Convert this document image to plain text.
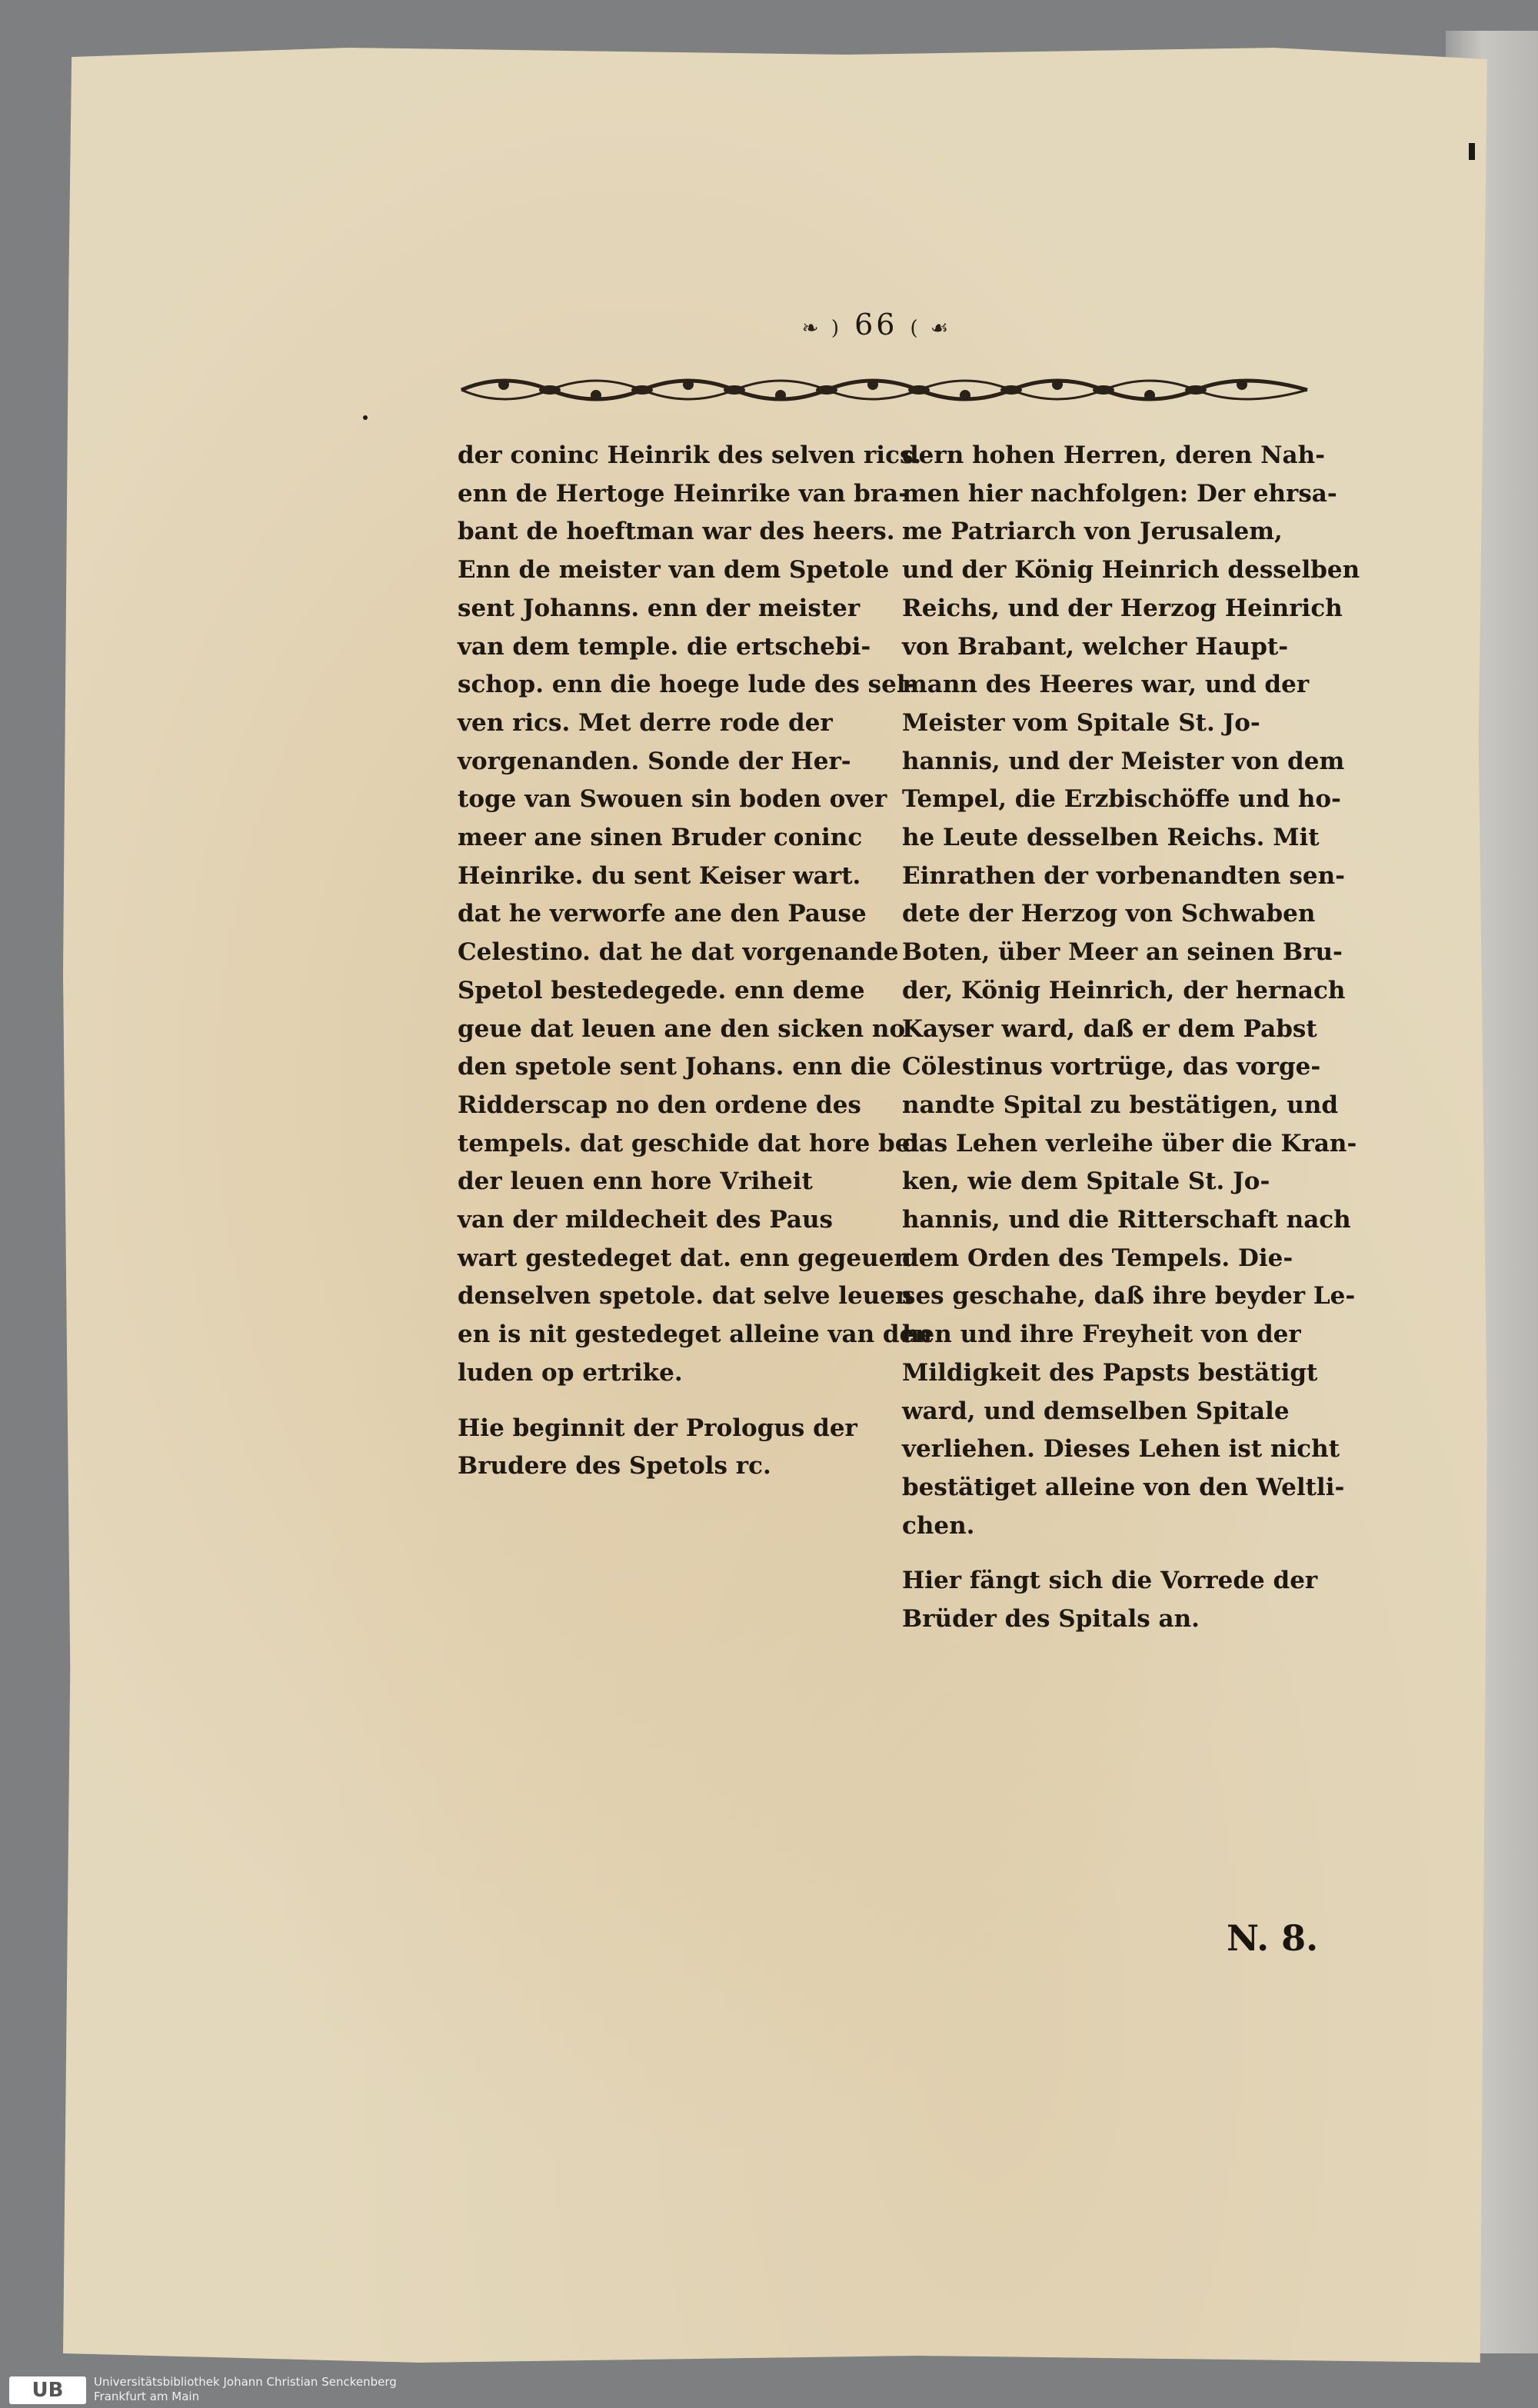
❧ ) 66 ( ☙
der coninc Heinrik des selven rics.
enn de Hertoge Heinrike van bra-
bant de hoeftman war des heers.
Enn de meister van dem Spetole
sent Johanns. enn der meister
van dem temple. die ertschebi-
schop. enn die hoege lude des sel-
ven rics. Met derre rode der
vorgenanden. Sonde der Her-
toge van Swouen sin boden over
meer ane sinen Bruder coninc
Heinrike. du sent Keiser wart.
dat he verworfe ane den Pause
Celestino. dat he dat vorgenande
Spetol bestedegede. enn deme
geue dat leuen ane den sicken no
den spetole sent Johans. enn die
Ridderscap no den ordene des
tempels. dat geschide dat hore bei
der leuen enn hore Vriheit
van der mildecheit des Paus
wart gestedeget dat. enn gegeuen
denselven spetole. dat selve leuen
en is nit gestedeget alleine van den
luden op ertrike.
Hie beginnit der Prologus der
Brudere des Spetols rc.
dern hohen Herren, deren Nah-
men hier nachfolgen: Der ehrsa-
me Patriarch von Jerusalem,
und der König Heinrich desselben
Reichs, und der Herzog Heinrich
von Brabant, welcher Haupt-
mann des Heeres war, und der
Meister vom Spitale St. Jo-
hannis, und der Meister von dem
Tempel, die Erzbischöffe und ho-
he Leute desselben Reichs. Mit
Einrathen der vorbenandten sen-
dete der Herzog von Schwaben
Boten, über Meer an seinen Bru-
der, König Heinrich, der hernach
Kayser ward, daß er dem Pabst
Cölestinus vortrüge, das vorge-
nandte Spital zu bestätigen, und
das Lehen verleihe über die Kran-
ken, wie dem Spitale St. Jo-
hannis, und die Ritterschaft nach
dem Orden des Tempels. Die-
ses geschahe, daß ihre beyder Le-
hen und ihre Freyheit von der
Mildigkeit des Papsts bestätigt
ward, und demselben Spitale
verliehen. Dieses Lehen ist nicht
bestätiget alleine von den Weltli-
chen.
Hier fängt sich die Vorrede der
Brüder des Spitals an.
N. 8.
UB	Universitätsbibliothek Johann Christian Senckenberg
Frankfurt am Main
